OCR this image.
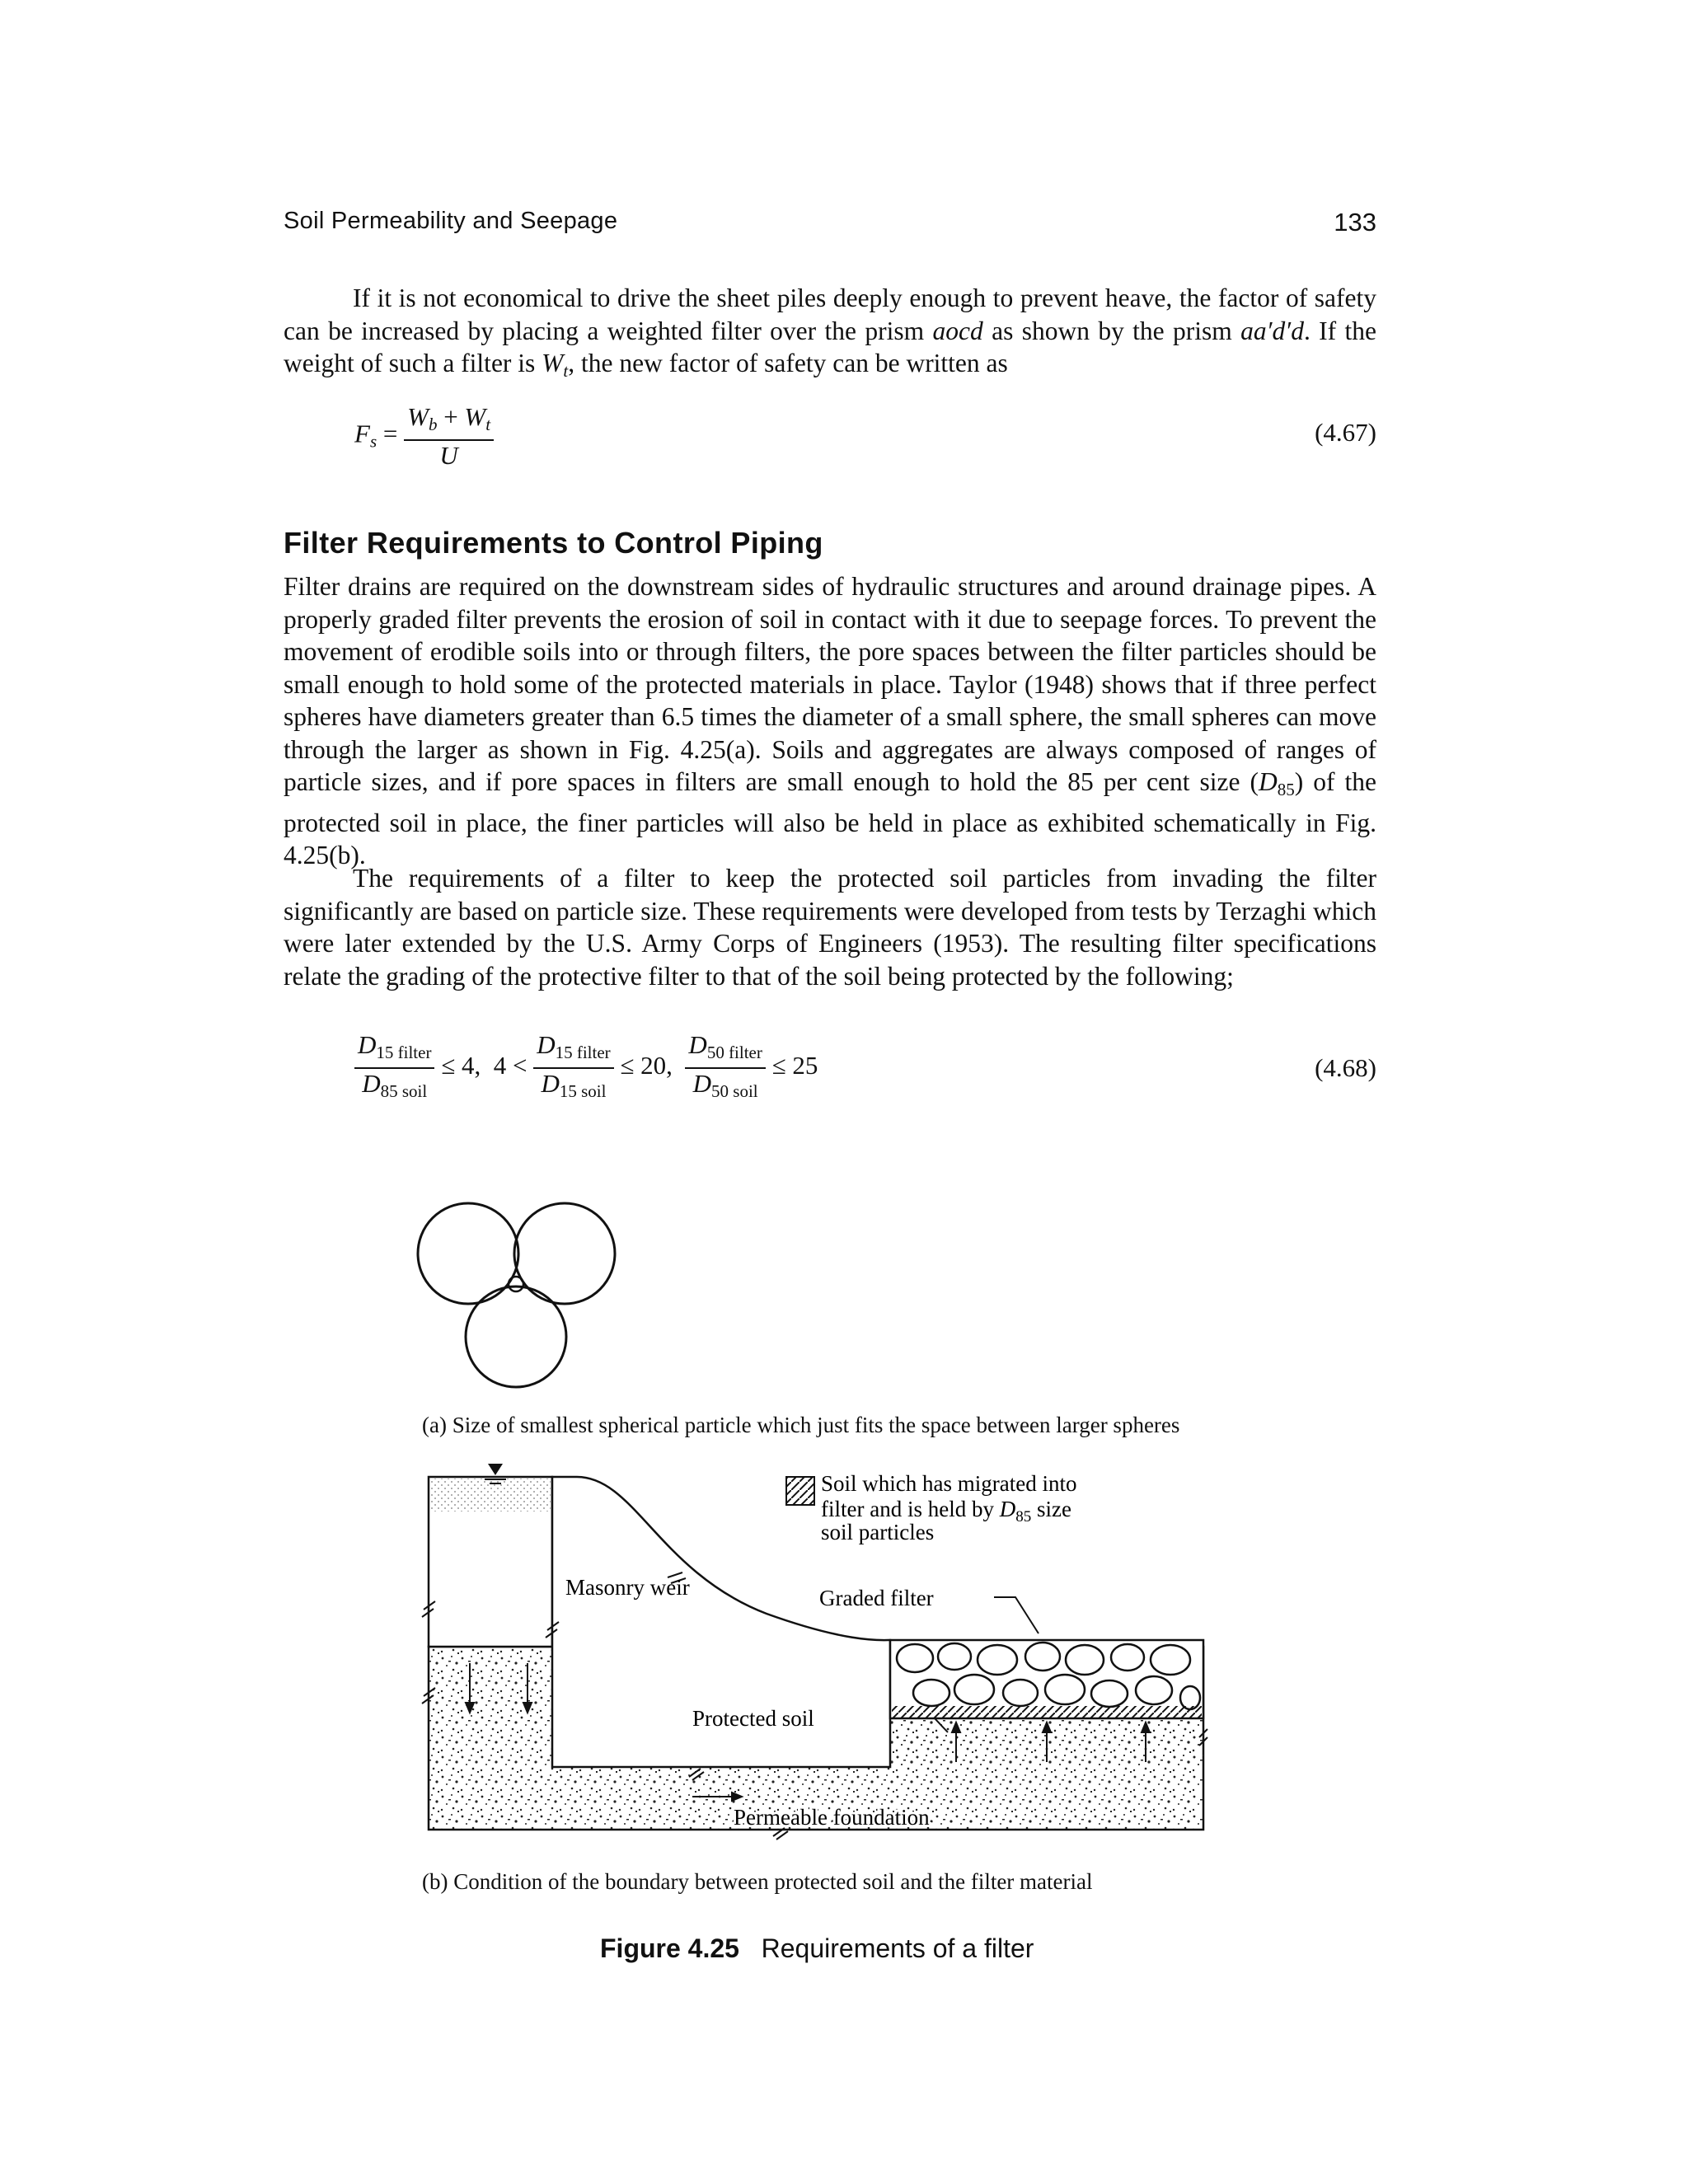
Soil Permeability and Seepage	133

If it is not economical to drive the sheet piles deeply enough to prevent heave, the factor of safety can be increased by placing a weighted filter over the prism aocd as shown by the prism aa′d′d. If the weight of such a filter is $W_t$, the new factor of safety can be written as

$F_s = \frac{W_b + W_t}{U}$	(4.67)
Filter Requirements to Control Piping

Filter drains are required on the downstream sides of hydraulic structures and around drainage pipes. A properly graded filter prevents the erosion of soil in contact with it due to seepage forces. To prevent the movement of erodible soils into or through filters, the pore spaces between the filter particles should be small enough to hold some of the protected materials in place. Taylor (1948) shows that if three perfect spheres have diameters greater than 6.5 times the diameter of a small sphere, the small spheres can move through the larger as shown in Fig. 4.25(a). Soils and aggregates are always composed of ranges of particle sizes, and if pore spaces in filters are small enough to hold the 85 per cent size $(D_{85})$ of the protected soil in place, the finer particles will also be held in place as exhibited schematically in Fig. 4.25(b).

The requirements of a filter to keep the protected soil particles from invading the filter significantly are based on particle size. These requirements were developed from tests by Terzaghi which were later extended by the U.S. Army Corps of Engineers (1953). The resulting filter specifications relate the grading of the protective filter to that of the soil being protected by the following;

$\frac{D_{15 filter}}{D_{85 soil}} \le 4$, $4 < \frac{D_{15 filter}}{D_{15 soil}} \le 20$, $\frac{D_{50 filter}}{D_{50 soil}} \le 25$	(4.68)
(a) Size of smallest spherical particle which just fits the space between larger spheres
Soil which has migrated into
filter and is held by $D_{85}$ size
soil particles
Masonry weir	Graded filter
Protected soil
Permeable foundation
(b) Condition of the boundary between protected soil and the filter material
Figure 4.25 Requirements of a filter
